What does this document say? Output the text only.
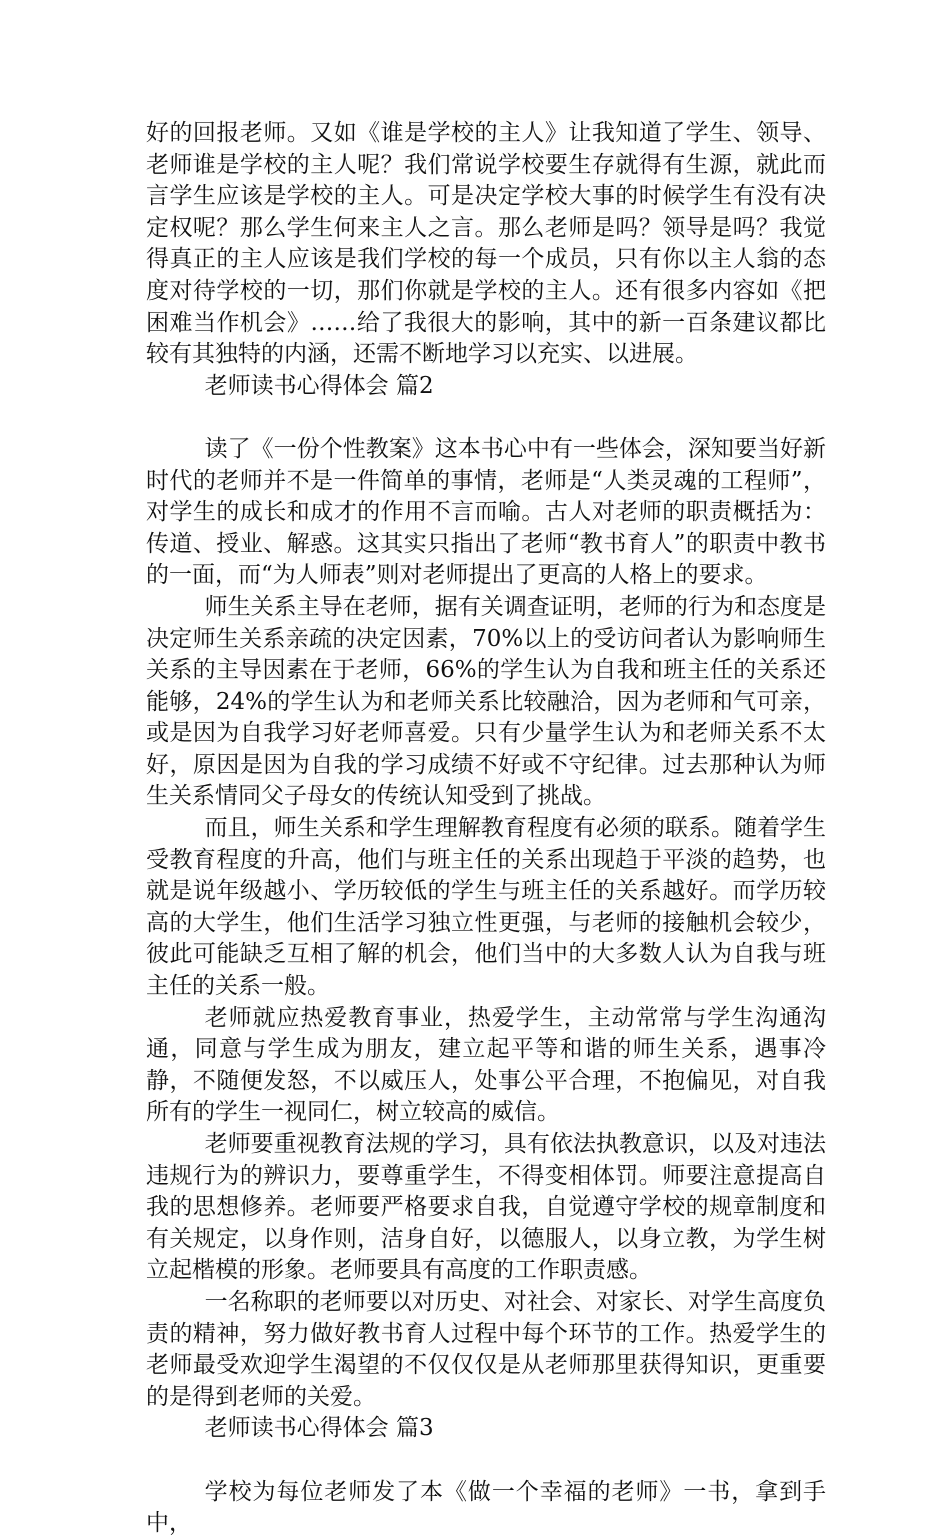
好的回报老师。又如《谁是学校的主人》让我知道了学生、领导、老师谁是学校的主人呢？我们常说学校要生存就得有生源，就此而言学生应该是学校的主人。可是决定学校大事的时候学生有没有决定权呢？那么学生何来主人之言。那么老师是吗？领导是吗？我觉得真正的主人应该是我们学校的每一个成员，只有你以主人翁的态度对待学校的一切，那们你就是学校的主人。还有很多内容如《把困难当作机会》……给了我很大的影响，其中的新一百条建议都比较有其独特的内涵，还需不断地学习以充实、以进展。

老师读书心得体会 篇2

读了《一份个性教案》这本书心中有一些体会，深知要当好新时代的老师并不是一件简单的事情，老师是“人类灵魂的工程师”，对学生的成长和成才的作用不言而喻。古人对老师的职责概括为：传道、授业、解惑。这其实只指出了老师“教书育人”的职责中教书的一面，而“为人师表”则对老师提出了更高的人格上的要求。

师生关系主导在老师，据有关调查证明，老师的行为和态度是决定师生关系亲疏的决定因素，70%以上的受访问者认为影响师生关系的主导因素在于老师，66%的学生认为自我和班主任的关系还能够，24%的学生认为和老师关系比较融洽，因为老师和气可亲，或是因为自我学习好老师喜爱。只有少量学生认为和老师关系不太好，原因是因为自我的学习成绩不好或不守纪律。过去那种认为师生关系情同父子母女的传统认知受到了挑战。

而且，师生关系和学生理解教育程度有必须的联系。随着学生受教育程度的升高，他们与班主任的关系出现趋于平淡的趋势，也就是说年级越小、学历较低的学生与班主任的关系越好。而学历较高的大学生，他们生活学习独立性更强，与老师的接触机会较少，彼此可能缺乏互相了解的机会，他们当中的大多数人认为自我与班主任的关系一般。

老师就应热爱教育事业，热爱学生，主动常常与学生沟通沟通，同意与学生成为朋友，建立起平等和谐的师生关系，遇事冷静，不随便发怒，不以威压人，处事公平合理，不抱偏见，对自我所有的学生一视同仁，树立较高的威信。

老师要重视教育法规的学习，具有依法执教意识，以及对违法违规行为的辨识力，要尊重学生，不得变相体罚。师要注意提高自我的思想修养。老师要严格要求自我，自觉遵守学校的规章制度和有关规定，以身作则，洁身自好，以德服人，以身立教，为学生树立起楷模的形象。老师要具有高度的工作职责感。

一名称职的老师要以对历史、对社会、对家长、对学生高度负责的精神，努力做好教书育人过程中每个环节的工作。热爱学生的老师最受欢迎学生渴望的不仅仅仅是从老师那里获得知识，更重要的是得到老师的关爱。

老师读书心得体会 篇3

学校为每位老师发了本《做一个幸福的老师》一书，拿到手中，
